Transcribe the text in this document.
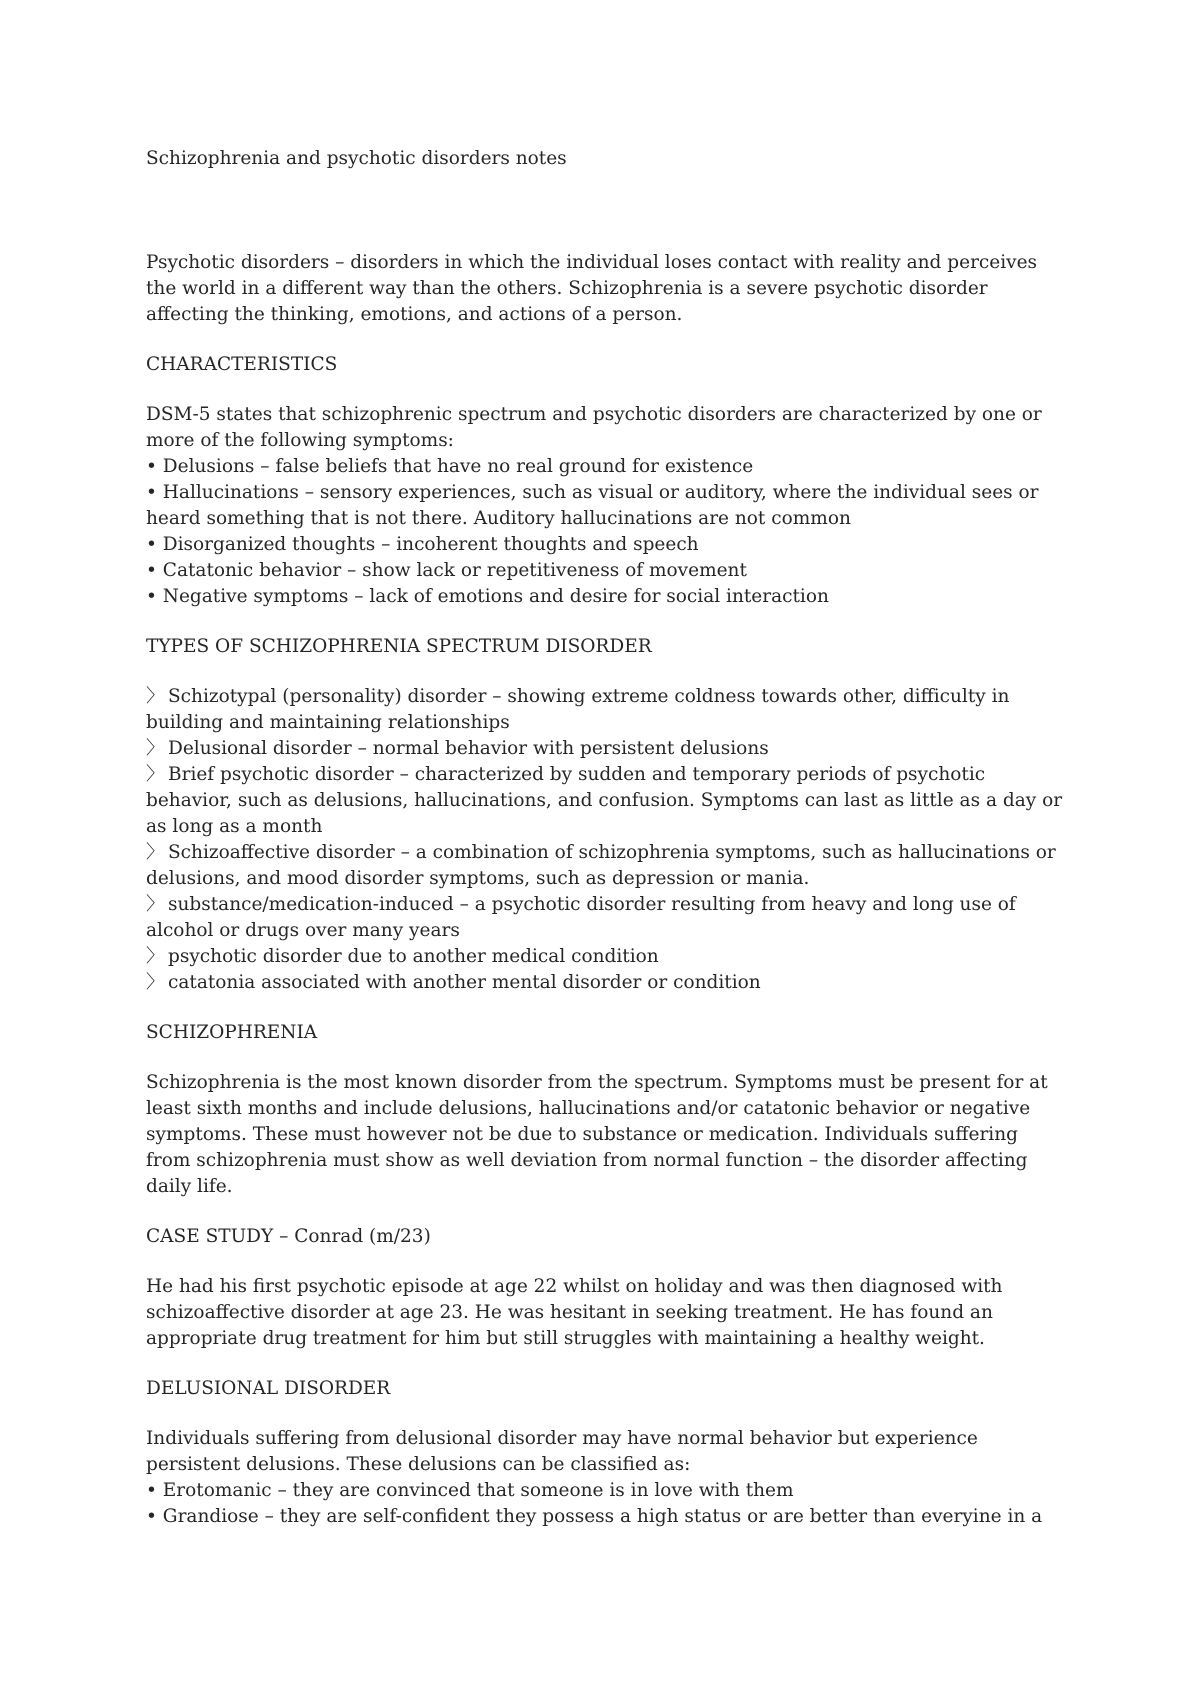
Schizophrenia and psychotic disorders notes

Psychotic disorders – disorders in which the individual loses contact with reality and perceives the world in a different way than the others. Schizophrenia is a severe psychotic disorder affecting the thinking, emotions, and actions of a person.

CHARACTERISTICS

DSM-5 states that schizophrenic spectrum and psychotic disorders are characterized by one or more of the following symptoms:
• Delusions – false beliefs that have no real ground for existence
• Hallucinations – sensory experiences, such as visual or auditory, where the individual sees or heard something that is not there. Auditory hallucinations are not common
• Disorganized thoughts – incoherent thoughts and speech
• Catatonic behavior – show lack or repetitiveness of movement
• Negative symptoms – lack of emotions and desire for social interaction

TYPES OF SCHIZOPHRENIA SPECTRUM DISORDER

〉 Schizotypal (personality) disorder – showing extreme coldness towards other, difficulty in building and maintaining relationships
〉 Delusional disorder – normal behavior with persistent delusions
〉 Brief psychotic disorder – characterized by sudden and temporary periods of psychotic behavior, such as delusions, hallucinations, and confusion. Symptoms can last as little as a day or as long as a month
〉 Schizoaffective disorder – a combination of schizophrenia symptoms, such as hallucinations or delusions, and mood disorder symptoms, such as depression or mania.
〉 substance/medication-induced – a psychotic disorder resulting from heavy and long use of alcohol or drugs over many years
〉 psychotic disorder due to another medical condition
〉 catatonia associated with another mental disorder or condition

SCHIZOPHRENIA

Schizophrenia is the most known disorder from the spectrum. Symptoms must be present for at least sixth months and include delusions, hallucinations and/or catatonic behavior or negative symptoms. These must however not be due to substance or medication. Individuals suffering from schizophrenia must show as well deviation from normal function – the disorder affecting daily life.

CASE STUDY – Conrad (m/23)

He had his first psychotic episode at age 22 whilst on holiday and was then diagnosed with schizoaffective disorder at age 23. He was hesitant in seeking treatment. He has found an appropriate drug treatment for him but still struggles with maintaining a healthy weight.

DELUSIONAL DISORDER

Individuals suffering from delusional disorder may have normal behavior but experience persistent delusions. These delusions can be classified as:
• Erotomanic – they are convinced that someone is in love with them
• Grandiose – they are self-confident they possess a high status or are better than everyine in a
